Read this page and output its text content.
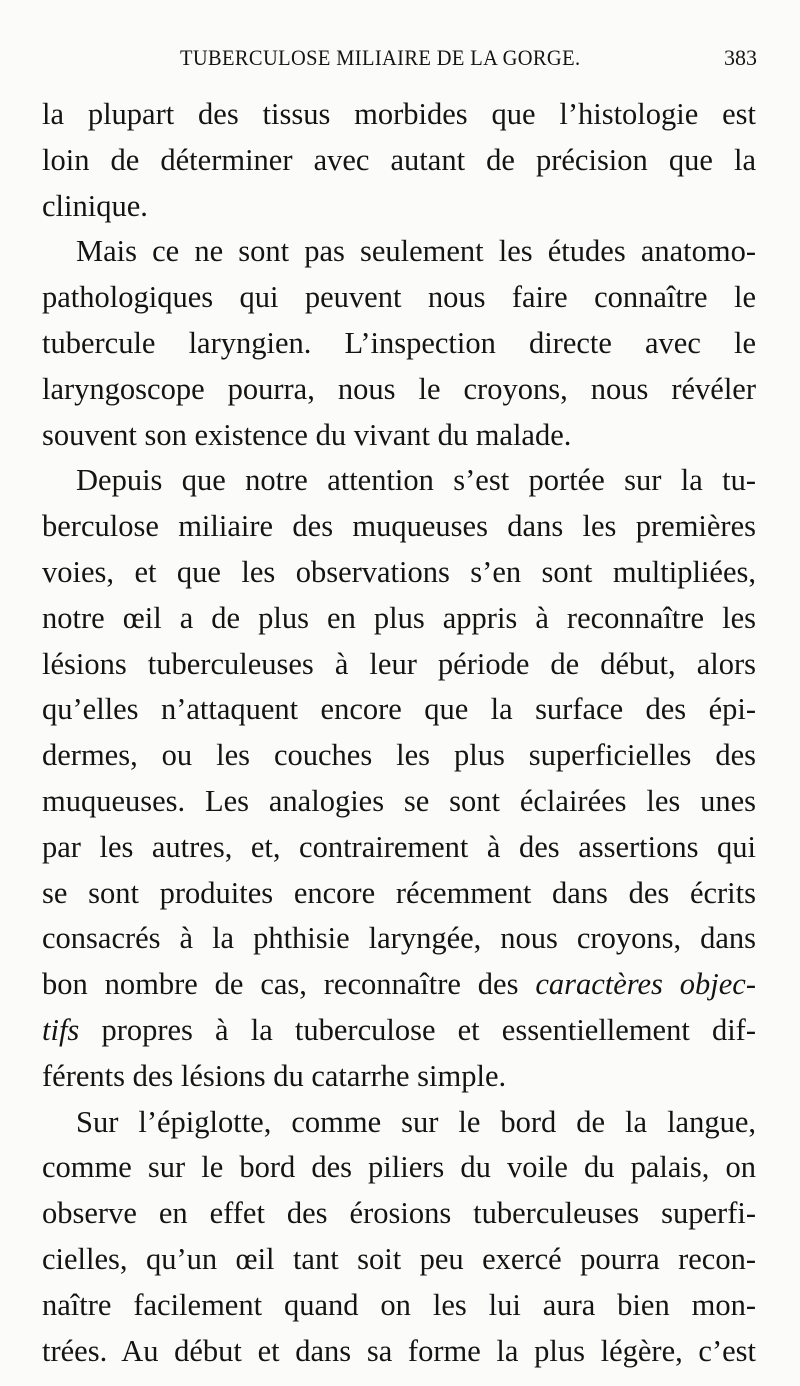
TUBERCULOSE MILIAIRE DE LA GORGE.	383

la plupart des tissus morbides que l’histologie est
loin de déterminer avec autant de précision que la
clinique.

Mais ce ne sont pas seulement les études anatomo-
pathologiques qui peuvent nous faire connaître le
tubercule laryngien. L’inspection directe avec le
laryngoscope pourra, nous le croyons, nous révéler
souvent son existence du vivant du malade.

Depuis que notre attention s’est portée sur la tu-
berculose miliaire des muqueuses dans les premières
voies, et que les observations s’en sont multipliées,
notre œil a de plus en plus appris à reconnaître les
lésions tuberculeuses à leur période de début, alors
qu’elles n’attaquent encore que la surface des épi-
dermes, ou les couches les plus superficielles des
muqueuses. Les analogies se sont éclairées les unes
par les autres, et, contrairement à des assertions qui
se sont produites encore récemment dans des écrits
consacrés à la phthisie laryngée, nous croyons, dans
bon nombre de cas, reconnaître des caractères objec-
tifs propres à la tuberculose et essentiellement dif-
férents des lésions du catarrhe simple.

Sur l’épiglotte, comme sur le bord de la langue,
comme sur le bord des piliers du voile du palais, on
observe en effet des érosions tuberculeuses superfi-
cielles, qu’un œil tant soit peu exercé pourra recon-
naître facilement quand on les lui aura bien mon-
trées. Au début et dans sa forme la plus légère, c’est
